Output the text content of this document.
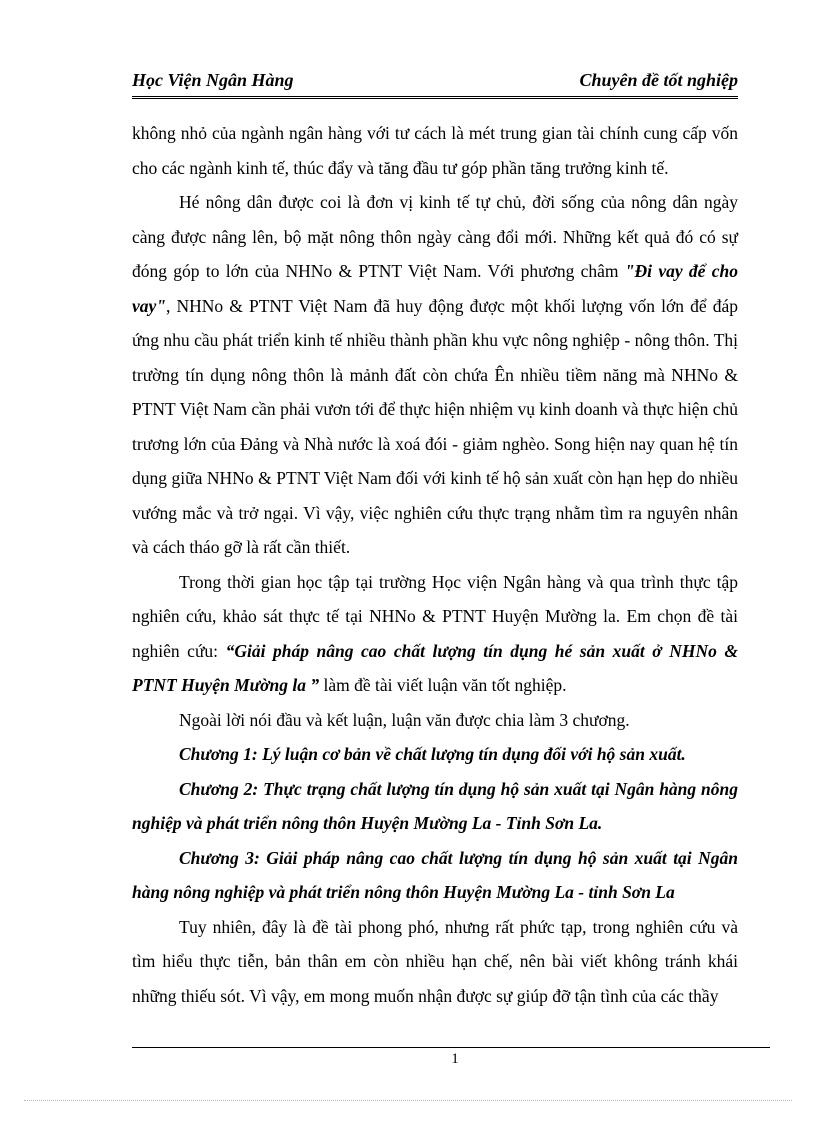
Học Viện Ngân Hàng	Chuyên đề tốt nghiệp

không nhỏ của ngành ngân hàng với tư cách là mét trung gian tài chính cung cấp vốn cho các ngành kinh tế, thúc đẩy và tăng đầu tư góp phần tăng trưởng kinh tế.

Hé nông dân được coi là đơn vị kinh tế tự chủ, đời sống của nông dân ngày càng được nâng lên, bộ mặt nông thôn ngày càng đổi mới. Những kết quả đó có sự đóng góp to lớn của NHNo & PTNT Việt Nam. Với phương châm "Đi vay để cho vay", NHNo & PTNT Việt Nam đã huy động được một khối lượng vốn lớn để đáp ứng nhu cầu phát triển kinh tế nhiều thành phần khu vực nông nghiệp - nông thôn. Thị trường tín dụng nông thôn là mảnh đất còn chứa Ên nhiều tiềm năng mà NHNo & PTNT Việt Nam cần phải vươn tới để thực hiện nhiệm vụ kinh doanh và thực hiện chủ trương lớn của Đảng và Nhà nước là xoá đói - giảm nghèo. Song hiện nay quan hệ tín dụng giữa NHNo & PTNT Việt Nam đối với kinh tế hộ sản xuất còn hạn hẹp do nhiều vướng mắc và trở ngại. Vì vậy, việc nghiên cứu thực trạng nhằm tìm ra nguyên nhân và cách tháo gỡ là rất cần thiết.

Trong thời gian học tập tại trường Học viện Ngân hàng và qua trình thực tập nghiên cứu, khảo sát thực tế tại NHNo & PTNT Huyện Mường la. Em chọn đề tài nghiên cứu: “Giải pháp nâng cao chất lượng tín dụng hé sản xuất ở NHNo & PTNT Huyện Mường la ” làm đề tài viết luận văn tốt nghiệp.

Ngoài lời nói đầu và kết luận, luận văn được chia làm 3 chương.

Chương 1: Lý luận cơ bản về chất lượng tín dụng đối với hộ sản xuất.

Chương 2: Thực trạng chất lượng tín dụng hộ sản xuất tại Ngân hàng nông nghiệp và phát triển nông thôn Huyện Mường La - Tỉnh Sơn La.

Chương 3: Giải pháp nâng cao chất lượng tín dụng hộ sản xuất tại Ngân hàng nông nghiệp và phát triển nông thôn Huyện Mường La - tỉnh Sơn La

Tuy nhiên, đây là đề tài phong phó, nhưng rất phức tạp, trong nghiên cứu và tìm hiểu thực tiễn, bản thân em còn nhiều hạn chế, nên bài viết không tránh khái những thiếu sót. Vì vậy, em mong muốn nhận được sự giúp đỡ tận tình của các thầy

1
